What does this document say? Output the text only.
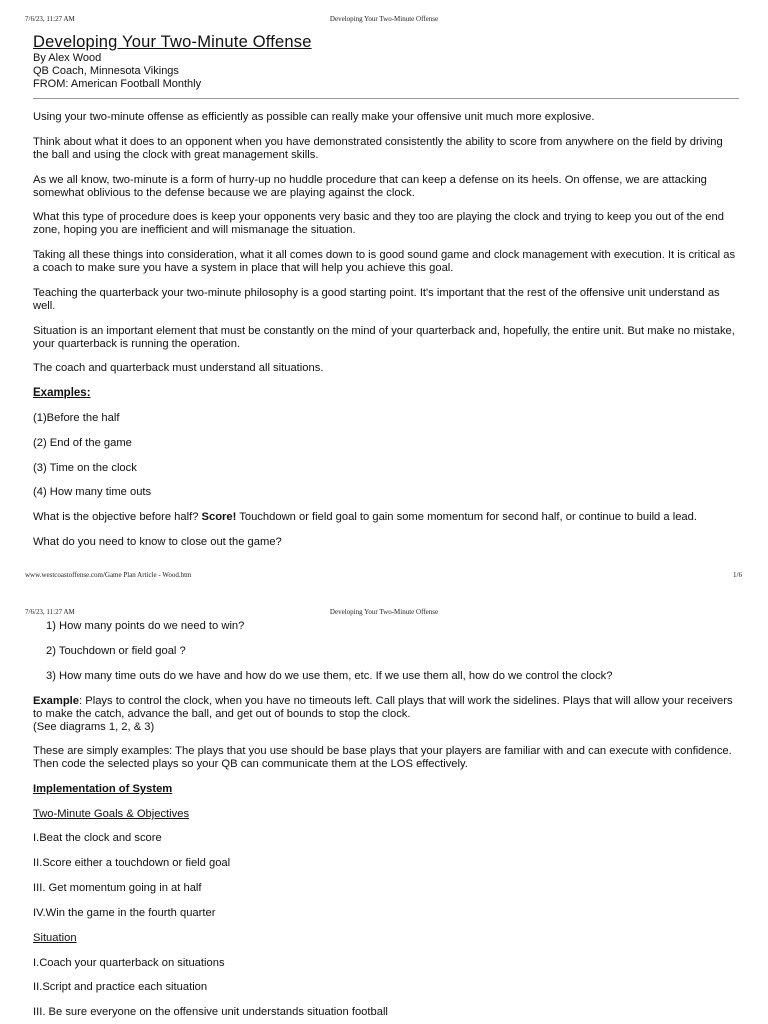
7/6/23, 11:27 AM	Developing Your Two-Minute Offense
Developing Your Two-Minute Offense
By Alex Wood
QB Coach, Minnesota Vikings
FROM: American Football Monthly

Using your two-minute offense as efficiently as possible can really make your offensive unit much more explosive.

Think about what it does to an opponent when you have demonstrated consistently the ability to score from anywhere on the field by driving the ball and using the clock with great management skills.

As we all know, two-minute is a form of hurry-up no huddle procedure that can keep a defense on its heels. On offense, we are attacking somewhat oblivious to the defense because we are playing against the clock.

What this type of procedure does is keep your opponents very basic and they too are playing the clock and trying to keep you out of the end zone, hoping you are inefficient and will mismanage the situation.

Taking all these things into consideration, what it all comes down to is good sound game and clock management with execution. It is critical as a coach to make sure you have a system in place that will help you achieve this goal.

Teaching the quarterback your two-minute philosophy is a good starting point. It's important that the rest of the offensive unit understand as well.

Situation is an important element that must be constantly on the mind of your quarterback and, hopefully, the entire unit. But make no mistake, your quarterback is running the operation.

The coach and quarterback must understand all situations.

Examples:
(1)Before the half
(2) End of the game
(3) Time on the clock
(4) How many time outs

What is the objective before half? Score! Touchdown or field goal to gain some momentum for second half, or continue to build a lead.

What do you need to know to close out the game?

www.westcoastoffense.com/Game Plan Article - Wood.htm	1/6
7/6/23, 11:27 AM	Developing Your Two-Minute Offense
1) How many points do we need to win?
2) Touchdown or field goal ?
3) How many time outs do we have and how do we use them, etc. If we use them all, how do we control the clock?

Example: Plays to control the clock, when you have no timeouts left. Call plays that will work the sidelines. Plays that will allow your receivers to make the catch, advance the ball, and get out of bounds to stop the clock.

(See diagrams 1, 2, & 3)

These are simply examples: The plays that you use should be base plays that your players are familiar with and can execute with confidence. Then code the selected plays so your QB can communicate them at the LOS effectively.

Implementation of System
Two-Minute Goals & Objectives
I.Beat the clock and score
II.Score either a touchdown or field goal
III. Get momentum going in at half
IV.Win the game in the fourth quarter
Situation
I.Coach your quarterback on situations
II.Script and practice each situation
III. Be sure everyone on the offensive unit understands situation football
